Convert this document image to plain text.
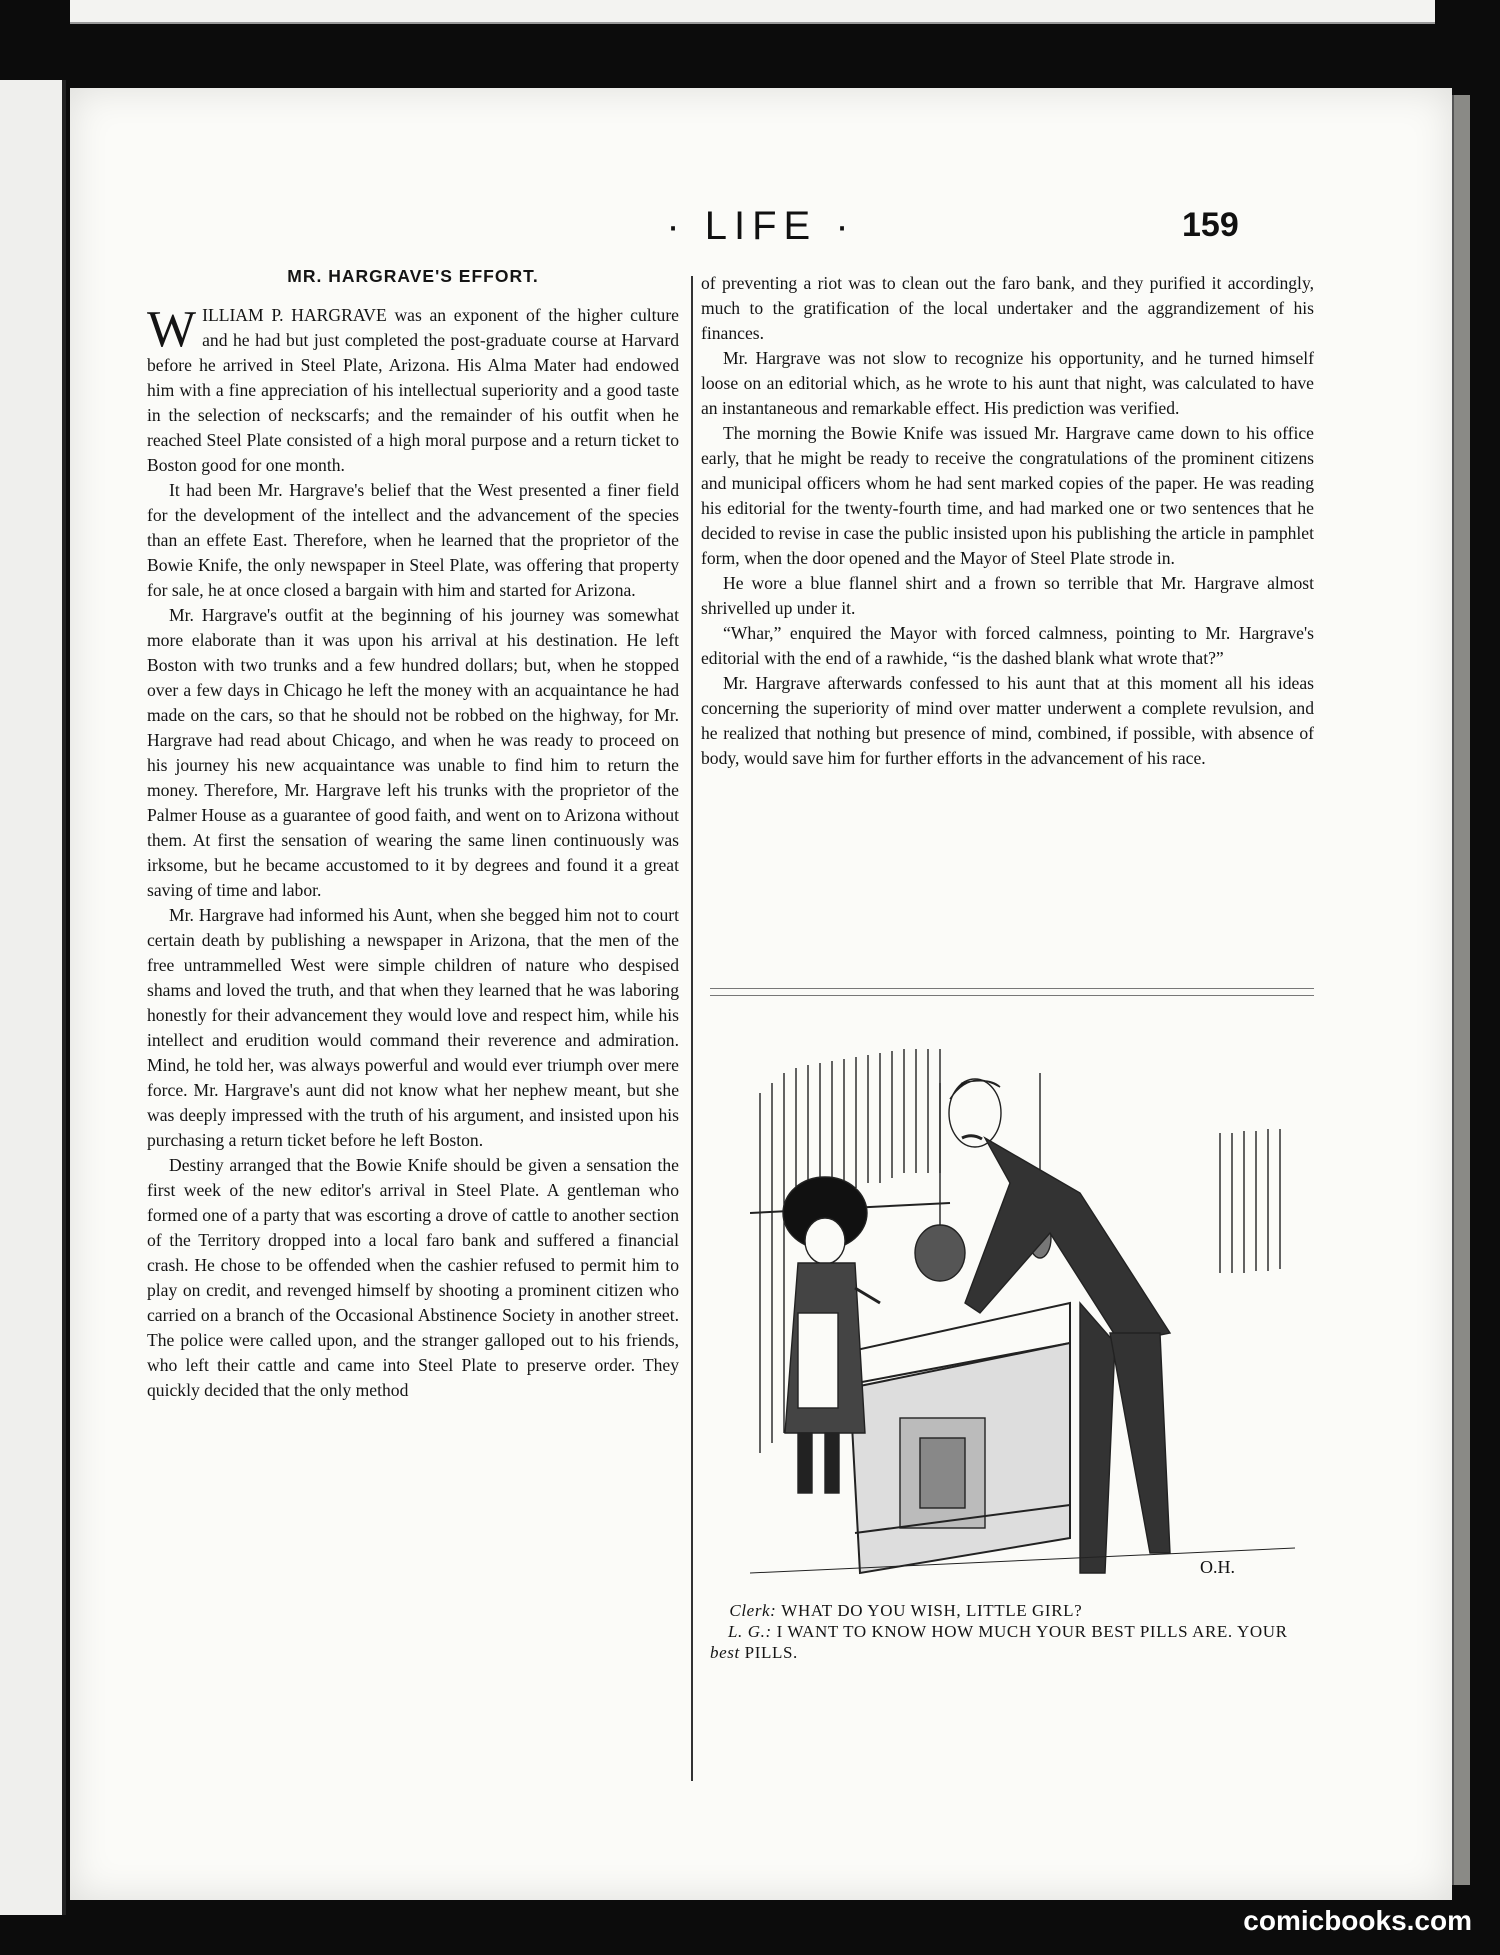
· LIFE ·	159
MR. HARGRAVE'S EFFORT.

WILLIAM P. HARGRAVE was an exponent of the higher culture and he had but just completed the post-graduate course at Harvard before he arrived in Steel Plate, Arizona. His Alma Mater had endowed him with a fine appreciation of his intellectual superiority and a good taste in the selection of neckscarfs; and the remainder of his outfit when he reached Steel Plate consisted of a high moral purpose and a return ticket to Boston good for one month.

It had been Mr. Hargrave's belief that the West presented a finer field for the development of the intellect and the advancement of the species than an effete East. Therefore, when he learned that the proprietor of the Bowie Knife, the only newspaper in Steel Plate, was offering that property for sale, he at once closed a bargain with him and started for Arizona.

Mr. Hargrave's outfit at the beginning of his journey was somewhat more elaborate than it was upon his arrival at his destination. He left Boston with two trunks and a few hundred dollars; but, when he stopped over a few days in Chicago he left the money with an acquaintance he had made on the cars, so that he should not be robbed on the highway, for Mr. Hargrave had read about Chicago, and when he was ready to proceed on his journey his new acquaintance was unable to find him to return the money. Therefore, Mr. Hargrave left his trunks with the proprietor of the Palmer House as a guarantee of good faith, and went on to Arizona without them. At first the sensation of wearing the same linen continuously was irksome, but he became accustomed to it by degrees and found it a great saving of time and labor.

Mr. Hargrave had informed his Aunt, when she begged him not to court certain death by publishing a newspaper in Arizona, that the men of the free untrammelled West were simple children of nature who despised shams and loved the truth, and that when they learned that he was laboring honestly for their advancement they would love and respect him, while his intellect and erudition would command their reverence and admiration. Mind, he told her, was always powerful and would ever triumph over mere force. Mr. Hargrave's aunt did not know what her nephew meant, but she was deeply impressed with the truth of his argument, and insisted upon his purchasing a return ticket before he left Boston.

Destiny arranged that the Bowie Knife should be given a sensation the first week of the new editor's arrival in Steel Plate. A gentleman who formed one of a party that was escorting a drove of cattle to another section of the Territory dropped into a local faro bank and suffered a financial crash. He chose to be offended when the cashier refused to permit him to play on credit, and revenged himself by shooting a prominent citizen who carried on a branch of the Occasional Abstinence Society in another street. The police were called upon, and the stranger galloped out to his friends, who left their cattle and came into Steel Plate to preserve order. They quickly decided that the only method

of preventing a riot was to clean out the faro bank, and they purified it accordingly, much to the gratification of the local undertaker and the aggrandizement of his finances.

Mr. Hargrave was not slow to recognize his opportunity, and he turned himself loose on an editorial which, as he wrote to his aunt that night, was calculated to have an instantaneous and remarkable effect. His prediction was verified.

The morning the Bowie Knife was issued Mr. Hargrave came down to his office early, that he might be ready to receive the congratulations of the prominent citizens and municipal officers whom he had sent marked copies of the paper. He was reading his editorial for the twenty-fourth time, and had marked one or two sentences that he decided to revise in case the public insisted upon his publishing the article in pamphlet form, when the door opened and the Mayor of Steel Plate strode in.

He wore a blue flannel shirt and a frown so terrible that Mr. Hargrave almost shrivelled up under it.

“Whar,” enquired the Mayor with forced calmness, pointing to Mr. Hargrave's editorial with the end of a rawhide, “is the dashed blank what wrote that?”

Mr. Hargrave afterwards confessed to his aunt that at this moment all his ideas concerning the superiority of mind over matter underwent a complete revulsion, and he realized that nothing but presence of mind, combined, if possible, with absence of body, would save him for further efforts in the advancement of his race.

O.H.
Clerk: WHAT DO YOU WISH, LITTLE GIRL?
L. G.: I WANT TO KNOW HOW MUCH YOUR BEST PILLS ARE. YOUR best PILLS.
comicbooks.com
